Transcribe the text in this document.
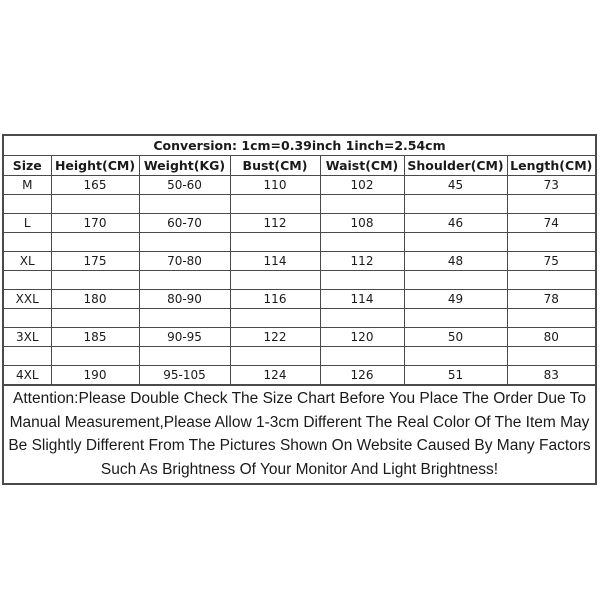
Conversion: 1cm=0.39inch 1inch=2.54cm						
Size	Height(CM)	Weight(KG)	Bust(CM)	Waist(CM)	Shoulder(CM)	Length(CM)
M	165	50-60	110	102	45	73

L	170	60-70	112	108	46	74

XL	175	70-80	114	112	48	75

XXL	180	80-90	116	114	49	78

3XL	185	90-95	122	120	50	80

4XL	190	95-105	124	126	51	83
Attention:Please Double Check The Size Chart Before You Place The Order Due To
Manual Measurement,Please Allow 1-3cm Different The Real Color Of The Item May
Be Slightly Different From The Pictures Shown On Website Caused By Many Factors
Such As Brightness Of Your Monitor And Light Brightness!
